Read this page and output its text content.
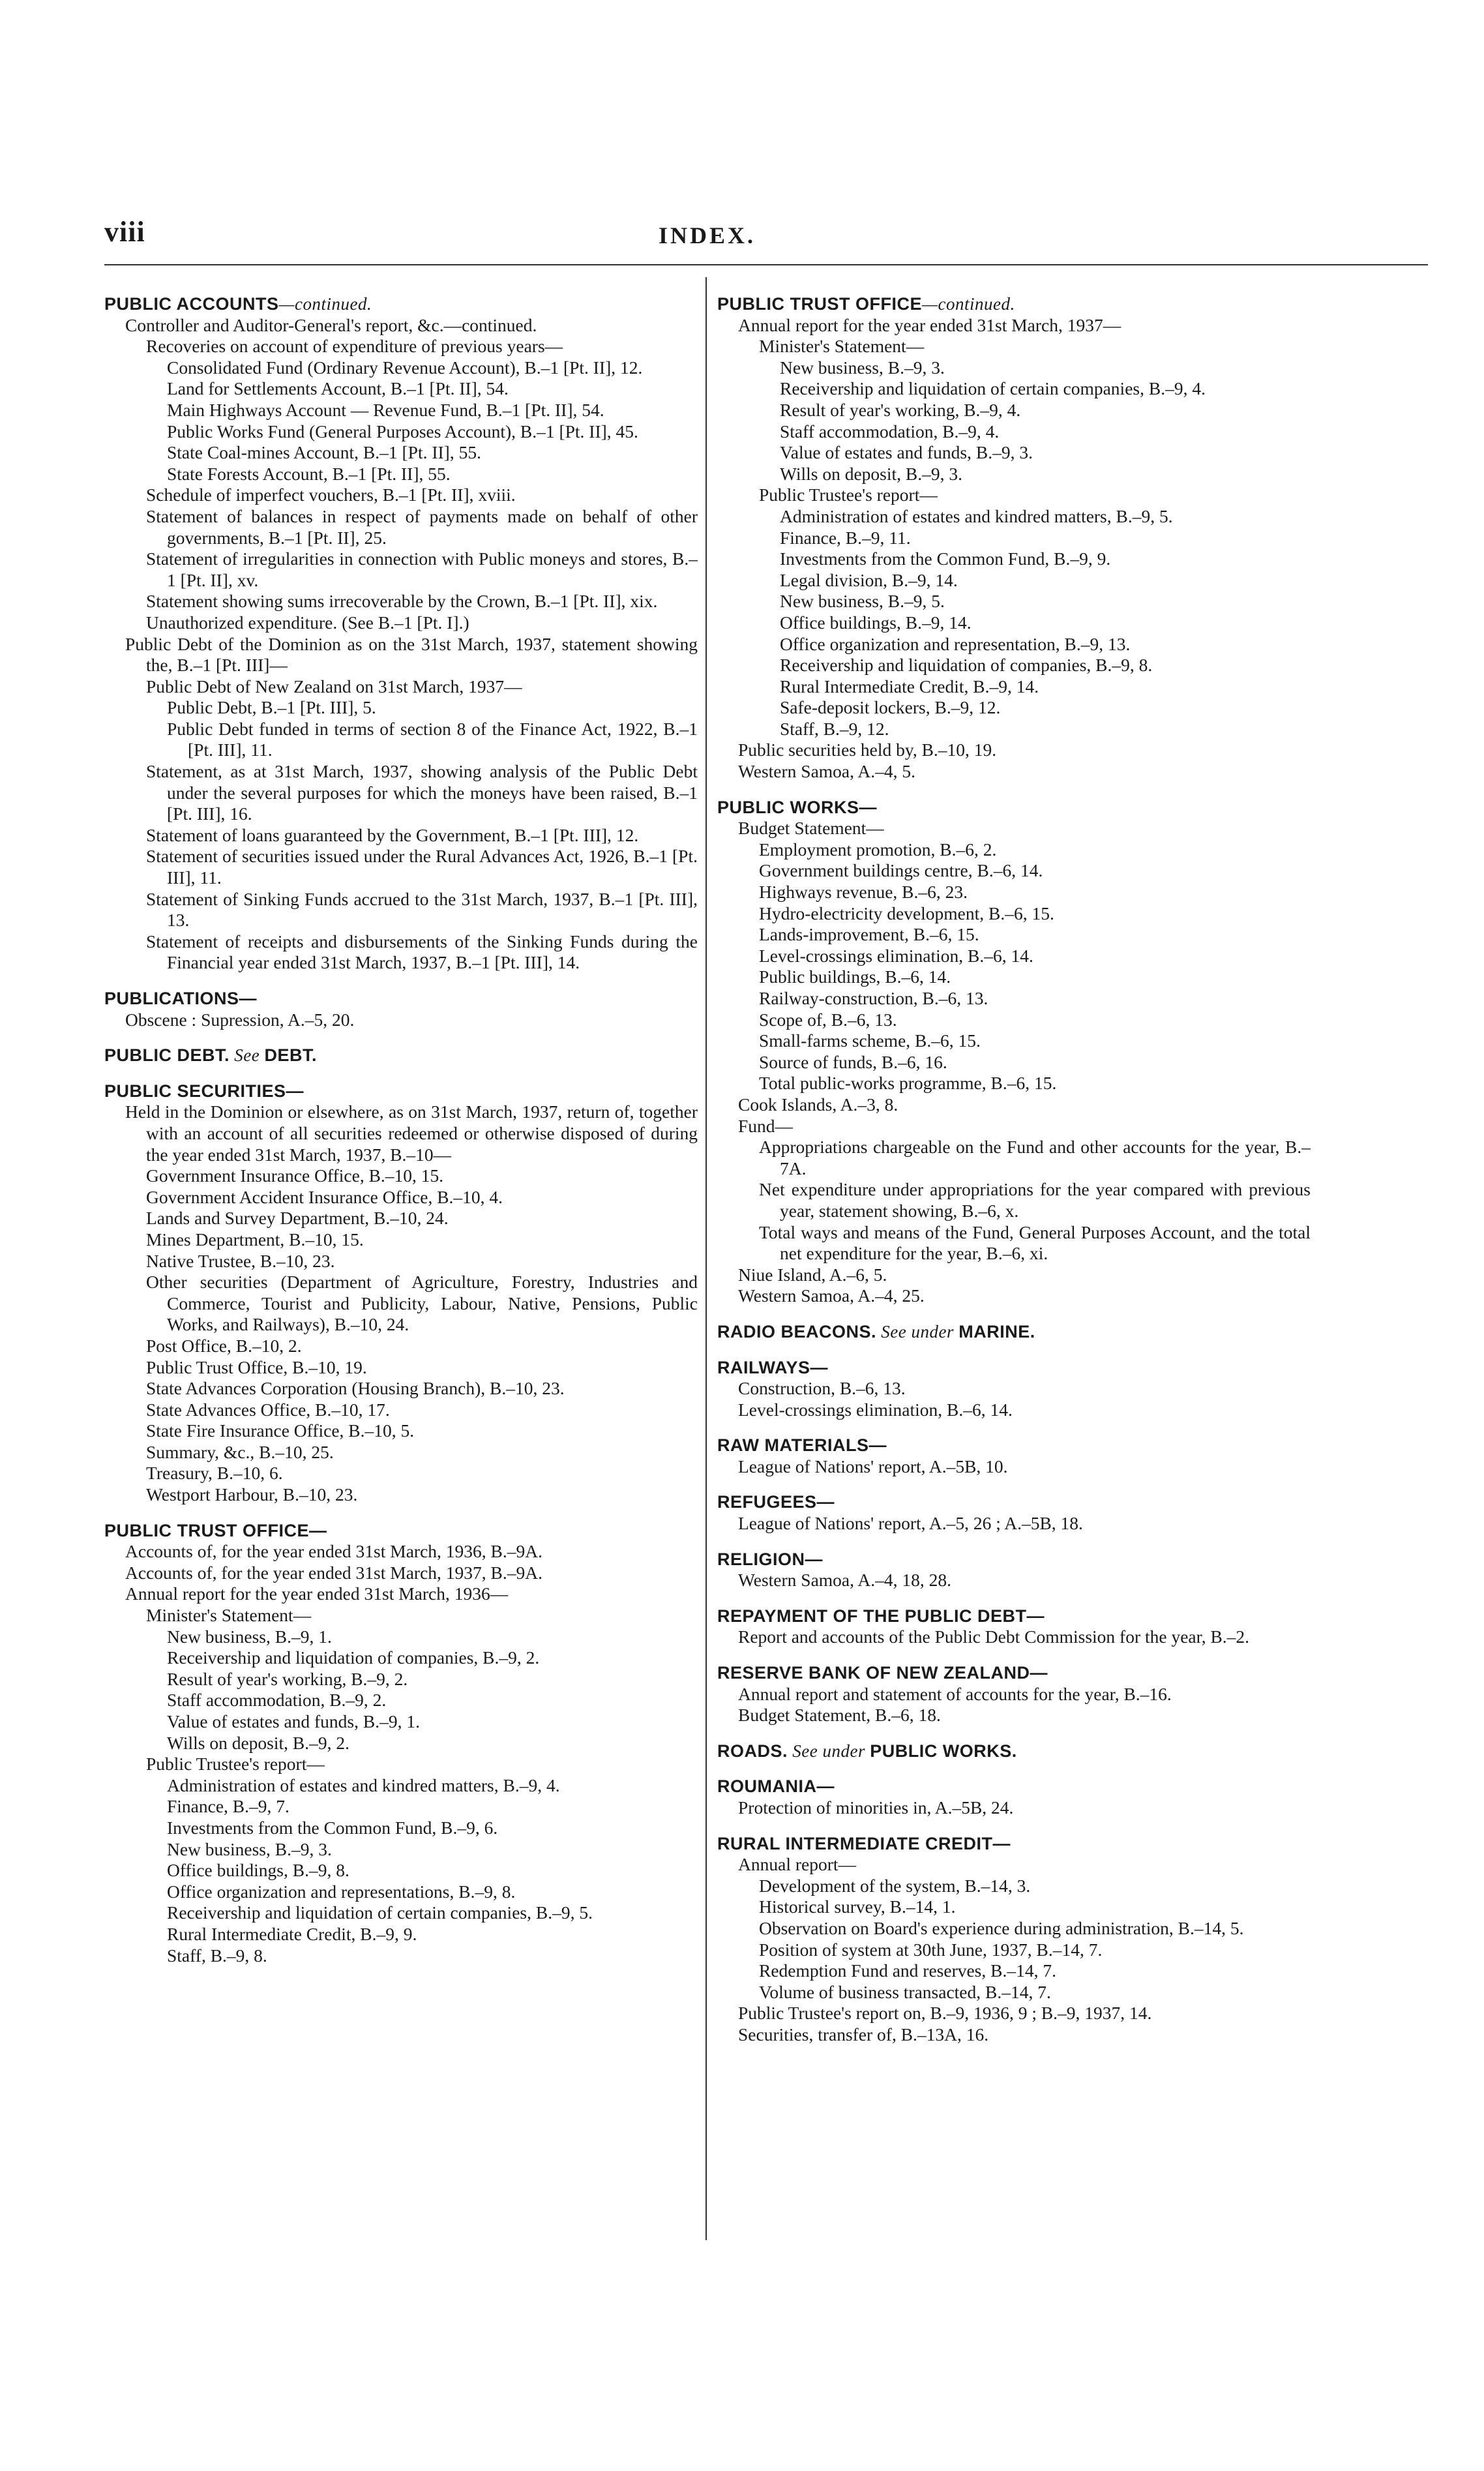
viii	INDEX.
PUBLIC ACCOUNTS—continued.
Controller and Auditor-General's report, &c.—continued.
Recoveries on account of expenditure of previous years—
Consolidated Fund (Ordinary Revenue Account), B.–1 [Pt. II], 12.
Land for Settlements Account, B.–1 [Pt. II], 54.
Main Highways Account — Revenue Fund, B.–1 [Pt. II], 54.
Public Works Fund (General Purposes Account), B.–1 [Pt. II], 45.
State Coal-mines Account, B.–1 [Pt. II], 55.
State Forests Account, B.–1 [Pt. II], 55.
Schedule of imperfect vouchers, B.–1 [Pt. II], xviii.
Statement of balances in respect of payments made on behalf of other governments, B.–1 [Pt. II], 25.
Statement of irregularities in connection with Public moneys and stores, B.–1 [Pt. II], xv.
Statement showing sums irrecoverable by the Crown, B.–1 [Pt. II], xix.
Unauthorized expenditure. (See B.–1 [Pt. I].)
Public Debt of the Dominion as on the 31st March, 1937, statement showing the, B.–1 [Pt. III]—
Public Debt of New Zealand on 31st March, 1937—
Public Debt, B.–1 [Pt. III], 5.
Public Debt funded in terms of section 8 of the Finance Act, 1922, B.–1 [Pt. III], 11.
Statement, as at 31st March, 1937, showing analysis of the Public Debt under the several purposes for which the moneys have been raised, B.–1 [Pt. III], 16.
Statement of loans guaranteed by the Government, B.–1 [Pt. III], 12.
Statement of securities issued under the Rural Advances Act, 1926, B.–1 [Pt. III], 11.
Statement of Sinking Funds accrued to the 31st March, 1937, B.–1 [Pt. III], 13.
Statement of receipts and disbursements of the Sinking Funds during the Financial year ended 31st March, 1937, B.–1 [Pt. III], 14.
PUBLICATIONS—
Obscene : Supression, A.–5, 20.
PUBLIC DEBT. See DEBT.
PUBLIC SECURITIES—
Held in the Dominion or elsewhere, as on 31st March, 1937, return of, together with an account of all securities redeemed or otherwise disposed of during the year ended 31st March, 1937, B.–10—
Government Insurance Office, B.–10, 15.
Government Accident Insurance Office, B.–10, 4.
Lands and Survey Department, B.–10, 24.
Mines Department, B.–10, 15.
Native Trustee, B.–10, 23.
Other securities (Department of Agriculture, Forestry, Industries and Commerce, Tourist and Publicity, Labour, Native, Pensions, Public Works, and Railways), B.–10, 24.
Post Office, B.–10, 2.
Public Trust Office, B.–10, 19.
State Advances Corporation (Housing Branch), B.–10, 23.
State Advances Office, B.–10, 17.
State Fire Insurance Office, B.–10, 5.
Summary, &c., B.–10, 25.
Treasury, B.–10, 6.
Westport Harbour, B.–10, 23.
PUBLIC TRUST OFFICE—
Accounts of, for the year ended 31st March, 1936, B.–9A.
Accounts of, for the year ended 31st March, 1937, B.–9A.
Annual report for the year ended 31st March, 1936—
Minister's Statement—
New business, B.–9, 1.
Receivership and liquidation of companies, B.–9, 2.
Result of year's working, B.–9, 2.
Staff accommodation, B.–9, 2.
Value of estates and funds, B.–9, 1.
Wills on deposit, B.–9, 2.
Public Trustee's report—
Administration of estates and kindred matters, B.–9, 4.
Finance, B.–9, 7.
Investments from the Common Fund, B.–9, 6.
New business, B.–9, 3.
Office buildings, B.–9, 8.
Office organization and representations, B.–9, 8.
Receivership and liquidation of certain companies, B.–9, 5.
Rural Intermediate Credit, B.–9, 9.
Staff, B.–9, 8.
PUBLIC TRUST OFFICE—continued.
Annual report for the year ended 31st March, 1937—
Minister's Statement—
New business, B.–9, 3.
Receivership and liquidation of certain companies, B.–9, 4.
Result of year's working, B.–9, 4.
Staff accommodation, B.–9, 4.
Value of estates and funds, B.–9, 3.
Wills on deposit, B.–9, 3.
Public Trustee's report—
Administration of estates and kindred matters, B.–9, 5.
Finance, B.–9, 11.
Investments from the Common Fund, B.–9, 9.
Legal division, B.–9, 14.
New business, B.–9, 5.
Office buildings, B.–9, 14.
Office organization and representation, B.–9, 13.
Receivership and liquidation of companies, B.–9, 8.
Rural Intermediate Credit, B.–9, 14.
Safe-deposit lockers, B.–9, 12.
Staff, B.–9, 12.
Public securities held by, B.–10, 19.
Western Samoa, A.–4, 5.
PUBLIC WORKS—
Budget Statement—
Employment promotion, B.–6, 2.
Government buildings centre, B.–6, 14.
Highways revenue, B.–6, 23.
Hydro-electricity development, B.–6, 15.
Lands-improvement, B.–6, 15.
Level-crossings elimination, B.–6, 14.
Public buildings, B.–6, 14.
Railway-construction, B.–6, 13.
Scope of, B.–6, 13.
Small-farms scheme, B.–6, 15.
Source of funds, B.–6, 16.
Total public-works programme, B.–6, 15.
Cook Islands, A.–3, 8.
Fund—
Appropriations chargeable on the Fund and other accounts for the year, B.–7A.
Net expenditure under appropriations for the year compared with previous year, statement showing, B.–6, x.
Total ways and means of the Fund, General Purposes Account, and the total net expenditure for the year, B.–6, xi.
Niue Island, A.–6, 5.
Western Samoa, A.–4, 25.
RADIO BEACONS. See under MARINE.
RAILWAYS—
Construction, B.–6, 13.
Level-crossings elimination, B.–6, 14.
RAW MATERIALS—
League of Nations' report, A.–5B, 10.
REFUGEES—
League of Nations' report, A.–5, 26 ; A.–5B, 18.
RELIGION—
Western Samoa, A.–4, 18, 28.
REPAYMENT OF THE PUBLIC DEBT—
Report and accounts of the Public Debt Commission for the year, B.–2.
RESERVE BANK OF NEW ZEALAND—
Annual report and statement of accounts for the year, B.–16.
Budget Statement, B.–6, 18.
ROADS. See under PUBLIC WORKS.
ROUMANIA—
Protection of minorities in, A.–5B, 24.
RURAL INTERMEDIATE CREDIT—
Annual report—
Development of the system, B.–14, 3.
Historical survey, B.–14, 1.
Observation on Board's experience during administration, B.–14, 5.
Position of system at 30th June, 1937, B.–14, 7.
Redemption Fund and reserves, B.–14, 7.
Volume of business transacted, B.–14, 7.
Public Trustee's report on, B.–9, 1936, 9 ; B.–9, 1937, 14.
Securities, transfer of, B.–13A, 16.
